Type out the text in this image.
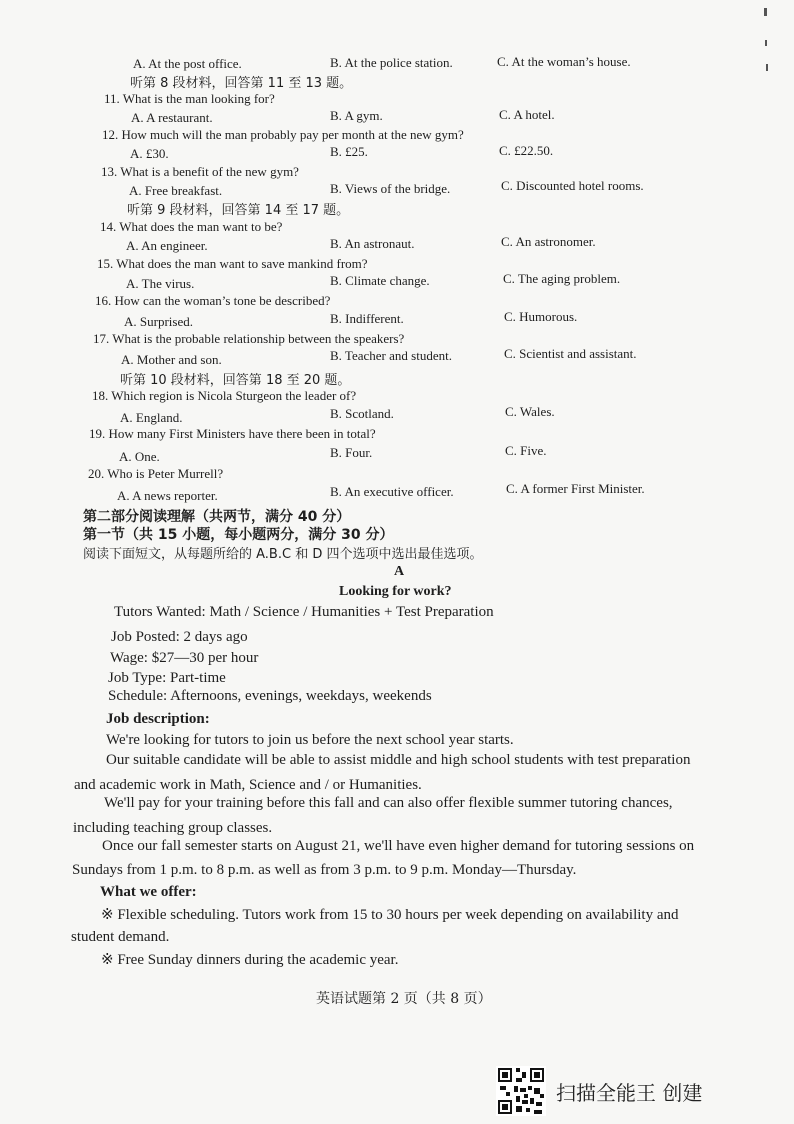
A. At the post office.	B. At the police station.	C. At the woman’s house.
听第 8 段材料，回答第 11 至 13 题。
11. What is the man looking for?
A. A restaurant.	B. A gym.	C. A hotel.
12. How much will the man probably pay per month at the new gym?
A. £30.	B. £25.	C. £22.50.
13. What is a benefit of the new gym?
A. Free breakfast.	B. Views of the bridge.	C. Discounted hotel rooms.
听第 9 段材料，回答第 14 至 17 题。
14. What does the man want to be?
A. An engineer.	B. An astronaut.	C. An astronomer.
15. What does the man want to save mankind from?
A. The virus.	B. Climate change.	C. The aging problem.
16. How can the woman’s tone be described?
A. Surprised.	B. Indifferent.	C. Humorous.
17. What is the probable relationship between the speakers?
A. Mother and son.	B. Teacher and student.	C. Scientist and assistant.
听第 10 段材料，回答第 18 至 20 题。
18. Which region is Nicola Sturgeon the leader of?
A. England.	B. Scotland.	C. Wales.
19. How many First Ministers have there been in total?
A. One.	B. Four.	C. Five.
20. Who is Peter Murrell?
A. A news reporter.	B. An executive officer.	C. A former First Minister.
第二部分阅读理解（共两节，满分 40 分）
第一节（共 15 小题，每小题两分，满分 30 分）
阅读下面短文，从每题所给的 A.B.C 和 D 四个选项中选出最佳选项。
A
Looking for work?
Tutors Wanted: Math / Science / Humanities + Test Preparation
Job Posted: 2 days ago
Wage: $27—30 per hour
Job Type: Part-time
Schedule: Afternoons, evenings, weekdays, weekends
Job description:
We're looking for tutors to join us before the next school year starts.
Our suitable candidate will be able to assist middle and high school students with test preparation
and academic work in Math, Science and / or Humanities.
We'll pay for your training before this fall and can also offer flexible summer tutoring chances,
including teaching group classes.
Once our fall semester starts on August 21, we'll have even higher demand for tutoring sessions on
Sundays from 1 p.m. to 8 p.m. as well as from 3 p.m. to 9 p.m. Monday—Thursday.
What we offer:
※ Flexible scheduling. Tutors work from 15 to 30 hours per week depending on availability and
student demand.
※ Free Sunday dinners during the academic year.
英语试题第 2 页（共 8 页）
扫描全能王 创建
